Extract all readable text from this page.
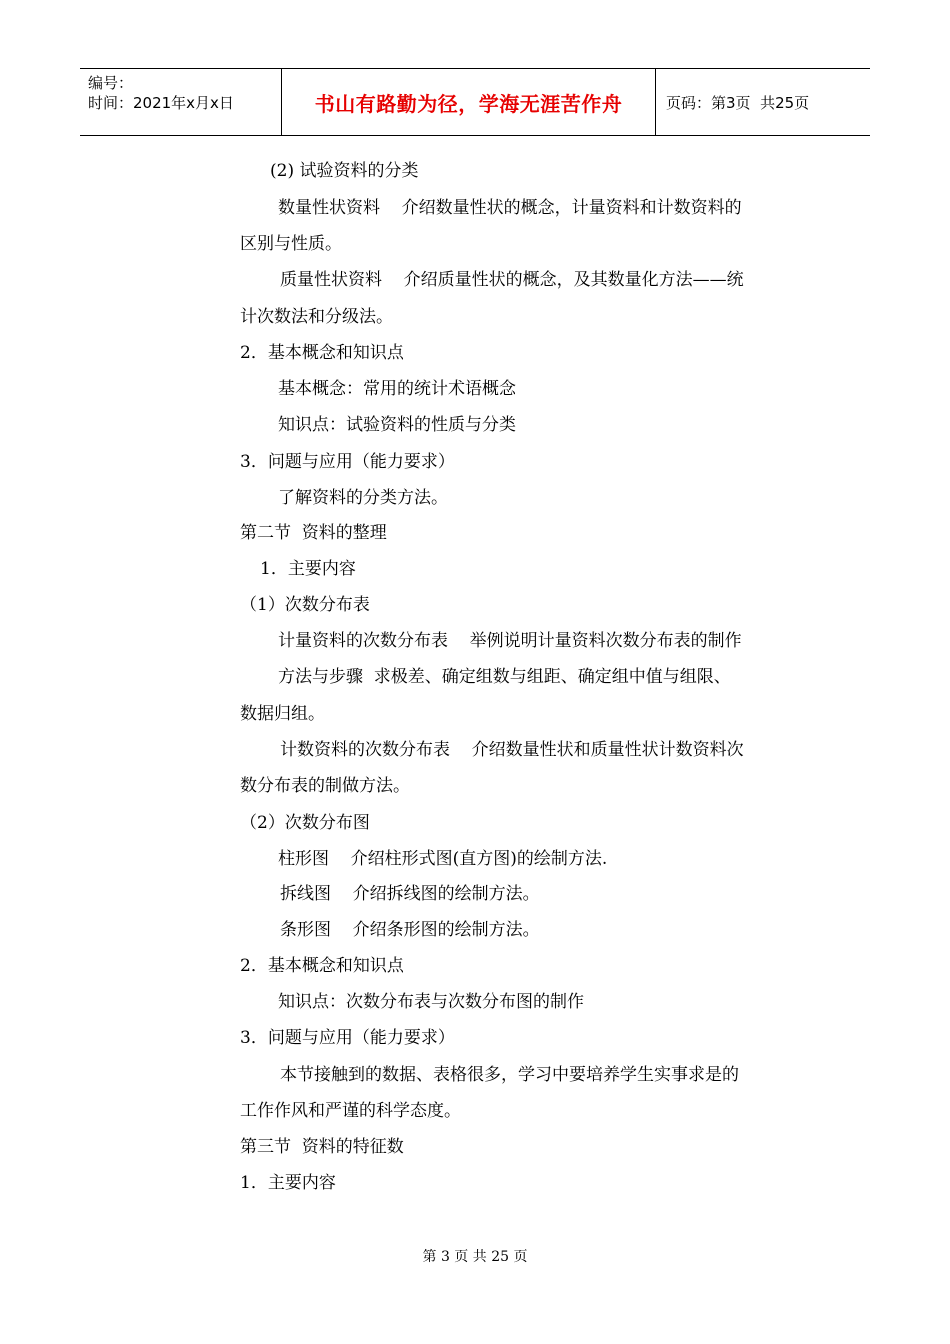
编号：
时间：2021年x月x日	书山有路勤为径，学海无涯苦作舟	页码：第3页  共25页
(2) 试验资料的分类
数量性状资料    介绍数量性状的概念，计量资料和计数资料的
区别与性质。
质量性状资料    介绍质量性状的概念，及其数量化方法——统
计次数法和分级法。
2．基本概念和知识点
基本概念：常用的统计术语概念
知识点：试验资料的性质与分类
3．问题与应用（能力要求）
了解资料的分类方法。
第二节  资料的整理
1．主要内容
（1）次数分布表
计量资料的次数分布表    举例说明计量资料次数分布表的制作
方法与步骤  求极差、确定组数与组距、确定组中值与组限、
数据归组。
计数资料的次数分布表    介绍数量性状和质量性状计数资料次
数分布表的制做方法。
（2）次数分布图
柱形图    介绍柱形式图(直方图)的绘制方法.
拆线图    介绍拆线图的绘制方法。
条形图    介绍条形图的绘制方法。
2．基本概念和知识点
知识点：次数分布表与次数分布图的制作
3．问题与应用（能力要求）
本节接触到的数据、表格很多，学习中要培养学生实事求是的
工作作风和严谨的科学态度。
第三节  资料的特征数
1．主要内容
第 3 页 共 25 页
